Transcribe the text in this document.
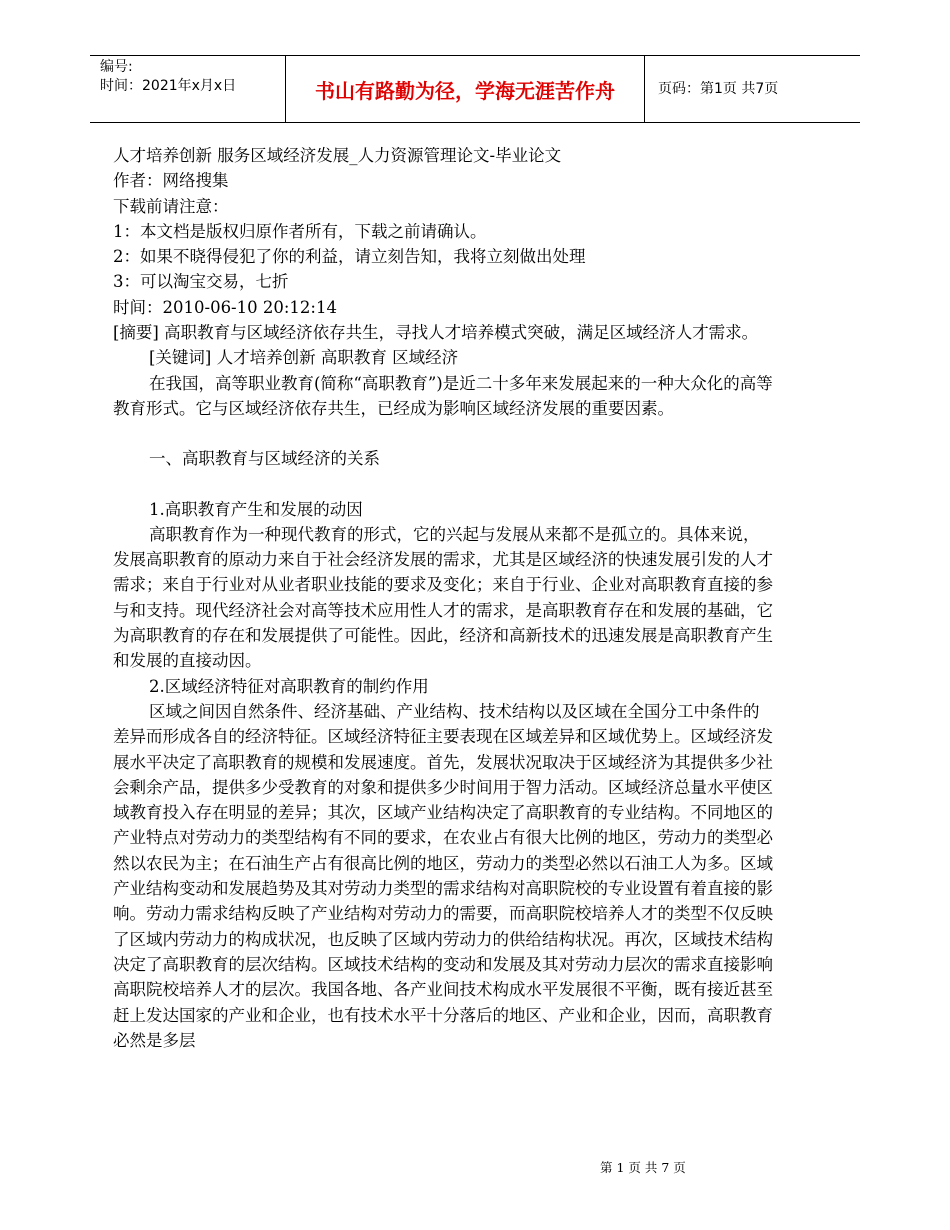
编号:
时间：2021年x月x日	书山有路勤为径，学海无涯苦作舟	页码：第1页 共7页

人才培养创新 服务区域经济发展_人力资源管理论文-毕业论文

作者：网络搜集

下载前请注意：

1：本文档是版权归原作者所有，下载之前请确认。

2：如果不晓得侵犯了你的利益，请立刻告知，我将立刻做出处理

3：可以淘宝交易，七折

时间：2010-06-10 20:12:14

[摘要] 高职教育与区域经济依存共生，寻找人才培养模式突破，满足区域经济人才需求。

[关键词] 人才培养创新 高职教育 区域经济

在我国，高等职业教育(简称“高职教育”)是近二十多年来发展起来的一种大众化的高等教育形式。它与区域经济依存共生，已经成为影响区域经济发展的重要因素。

一、高职教育与区域经济的关系

1.高职教育产生和发展的动因

高职教育作为一种现代教育的形式，它的兴起与发展从来都不是孤立的。具体来说，发展高职教育的原动力来自于社会经济发展的需求，尤其是区域经济的快速发展引发的人才需求；来自于行业对从业者职业技能的要求及变化；来自于行业、企业对高职教育直接的参与和支持。现代经济社会对高等技术应用性人才的需求，是高职教育存在和发展的基础，它为高职教育的存在和发展提供了可能性。因此，经济和高新技术的迅速发展是高职教育产生和发展的直接动因。

2.区域经济特征对高职教育的制约作用

区域之间因自然条件、经济基础、产业结构、技术结构以及区域在全国分工中条件的差异而形成各自的经济特征。区域经济特征主要表现在区域差异和区域优势上。区域经济发展水平决定了高职教育的规模和发展速度。首先，发展状况取决于区域经济为其提供多少社会剩余产品，提供多少受教育的对象和提供多少时间用于智力活动。区域经济总量水平使区域教育投入存在明显的差异；其次，区域产业结构决定了高职教育的专业结构。不同地区的产业特点对劳动力的类型结构有不同的要求，在农业占有很大比例的地区，劳动力的类型必然以农民为主；在石油生产占有很高比例的地区，劳动力的类型必然以石油工人为多。区域产业结构变动和发展趋势及其对劳动力类型的需求结构对高职院校的专业设置有着直接的影响。劳动力需求结构反映了产业结构对劳动力的需要，而高职院校培养人才的类型不仅反映了区域内劳动力的构成状况，也反映了区域内劳动力的供给结构状况。再次，区域技术结构决定了高职教育的层次结构。区域技术结构的变动和发展及其对劳动力层次的需求直接影响高职院校培养人才的层次。我国各地、各产业间技术构成水平发展很不平衡，既有接近甚至赶上发达国家的产业和企业，也有技术水平十分落后的地区、产业和企业，因而，高职教育必然是多层

第 1 页 共 7 页
